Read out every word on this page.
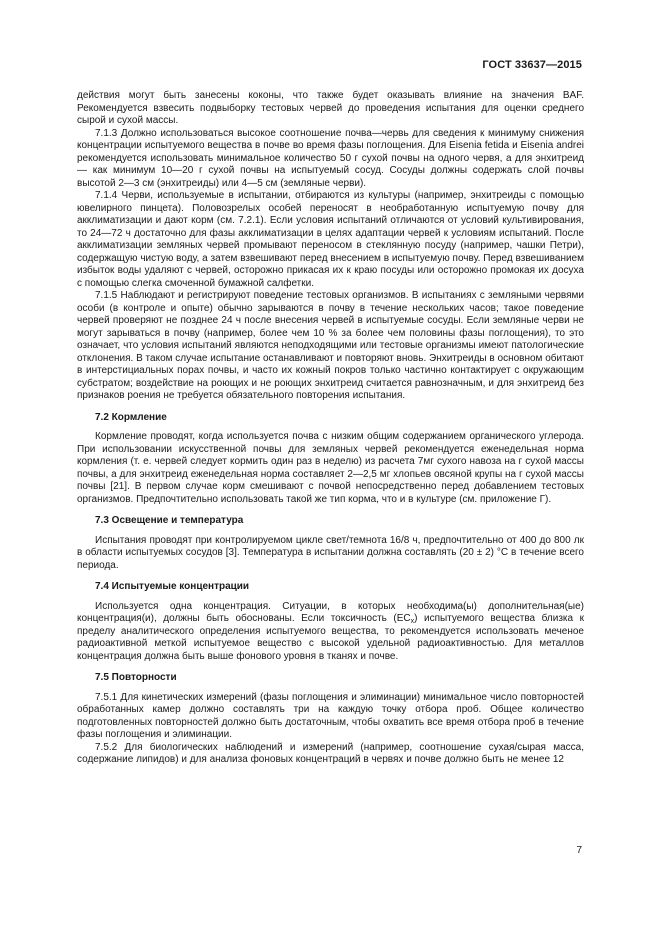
ГОСТ 33637—2015

действия могут быть занесены коконы, что также будет оказывать влияние на значения BAF. Рекомендуется взвесить подвыборку тестовых червей до проведения испытания для оценки среднего сырой и сухой массы.

7.1.3 Должно использоваться высокое соотношение почва—червь для сведения к минимуму снижения концентрации испытуемого вещества в почве во время фазы поглощения. Для Eisenia fetida и Eisenia andrei рекомендуется использовать минимальное количество 50 г сухой почвы на одного червя, а для энхитреид — как минимум 10—20 г сухой почвы на испытуемый сосуд. Сосуды должны содержать слой почвы высотой 2—3 см (энхитреиды) или 4—5 см (земляные черви).

7.1.4 Черви, используемые в испытании, отбираются из культуры (например, энхитреиды с помощью ювелирного пинцета). Половозрелых особей переносят в необработанную испытуемую почву для акклиматизации и дают корм (см. 7.2.1). Если условия испытаний отличаются от условий культивирования, то 24—72 ч достаточно для фазы акклиматизации в целях адаптации червей к условиям испытаний. После акклиматизации земляных червей промывают переносом в стеклянную посуду (например, чашки Петри), содержащую чистую воду, а затем взвешивают перед внесением в испытуемую почву. Перед взвешиванием избыток воды удаляют с червей, осторожно прикасая их к краю посуды или осторожно промокая их досуха с помощью слегка смоченной бумажной салфетки.

7.1.5 Наблюдают и регистрируют поведение тестовых организмов. В испытаниях с земляными червями особи (в контроле и опыте) обычно зарываются в почву в течение нескольких часов; такое поведение червей проверяют не позднее 24 ч после внесения червей в испытуемые сосуды. Если земляные черви не могут зарываться в почву (например, более чем 10 % за более чем половины фазы поглощения), то это означает, что условия испытаний являются неподходящими или тестовые организмы имеют патологические отклонения. В таком случае испытание останавливают и повторяют вновь. Энхитреиды в основном обитают в интерстициальных порах почвы, и часто их кожный покров только частично контактирует с окружающим субстратом; воздействие на роющих и не роющих энхитреид считается равнозначным, и для энхитреид без признаков роения не требуется обязательного повторения испытания.

7.2 Кормление

Кормление проводят, когда используется почва с низким общим содержанием органического углерода. При использовании искусственной почвы для земляных червей рекомендуется еженедельная норма кормления (т. е. червей следует кормить один раз в неделю) из расчета 7мг сухого навоза на г сухой массы почвы, а для энхитреид еженедельная норма составляет 2—2,5 мг хлопьев овсяной крупы на г сухой массы почвы [21]. В первом случае корм смешивают с почвой непосредственно перед добавлением тестовых организмов. Предпочтительно использовать такой же тип корма, что и в культуре (см. приложение Г).

7.3 Освещение и температура

Испытания проводят при контролируемом цикле свет/темнота 16/8 ч, предпочтительно от 400 до 800 лк в области испытуемых сосудов [3]. Температура в испытании должна составлять (20 ± 2) °С в течение всего периода.

7.4 Испытуемые концентрации

Используется одна концентрация. Ситуации, в которых необходима(ы) дополнительная(ые) концентрация(и), должны быть обоснованы. Если токсичность $(EC_x)$ испытуемого вещества близка к пределу аналитического определения испытуемого вещества, то рекомендуется использовать меченое радиоактивной меткой испытуемое вещество с высокой удельной радиоактивностью. Для металлов концентрация должна быть выше фонового уровня в тканях и почве.

7.5 Повторности

7.5.1 Для кинетических измерений (фазы поглощения и элиминации) минимальное число повторностей обработанных камер должно составлять три на каждую точку отбора проб. Общее количество подготовленных повторностей должно быть достаточным, чтобы охватить все время отбора проб в течение фазы поглощения и элиминации.

7.5.2 Для биологических наблюдений и измерений (например, соотношение сухая/сырая масса, содержание липидов) и для анализа фоновых концентраций в червях и почве должно быть не менее 12

7
